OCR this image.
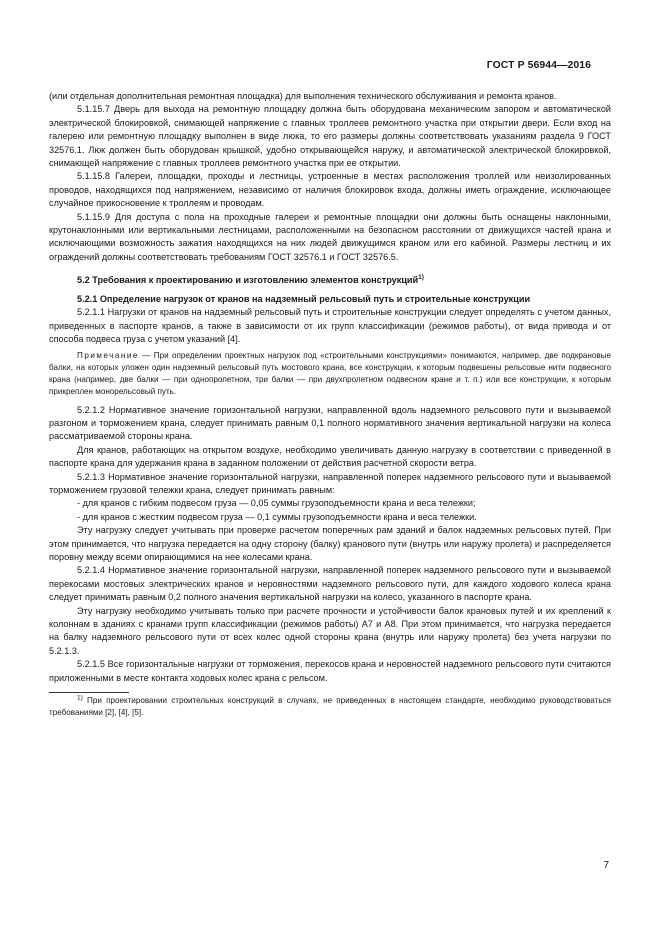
ГОСТ Р 56944—2016

(или отдельная дополнительная ремонтная площадка) для выполнения технического обслуживания и ремонта кранов.

5.1.15.7 Дверь для выхода на ремонтную площадку должна быть оборудована механическим запором и автоматической электрической блокировкой, снимающей напряжение с главных троллеев ремонтного участка при открытии двери. Если вход на галерею или ремонтную площадку выполнен в виде люка, то его размеры должны соответствовать указаниям раздела 9 ГОСТ 32576.1. Люк должен быть оборудован крышкой, удобно открывающейся наружу, и автоматической электрической блокировкой, снимающей напряжение с главных троллеев ремонтного участка при ее открытии.

5.1.15.8 Галереи, площадки, проходы и лестницы, устроенные в местах расположения троллей или неизолированных проводов, находящихся под напряжением, независимо от наличия блокировок входа, должны иметь ограждение, исключающее случайное прикосновение к троллеям и проводам.

5.1.15.9 Для доступа с пола на проходные галереи и ремонтные площадки они должны быть оснащены наклонными, крутонаклонными или вертикальными лестницами, расположенными на безопасном расстоянии от движущихся частей крана и исключающими возможность зажатия находящихся на них людей движущимся краном или его кабиной. Размеры лестниц и их ограждений должны соответствовать требованиям ГОСТ 32576.1 и ГОСТ 32576.5.

5.2 Требования к проектированию и изготовлению элементов конструкций$^{1)}$

5.2.1 Определение нагрузок от кранов на надземный рельсовый путь и строительные конструкции

5.2.1.1 Нагрузки от кранов на надземный рельсовый путь и строительные конструкции следует определять с учетом данных, приведенных в паспорте кранов, а также в зависимости от их групп классификации (режимов работы), от вида привода и от способа подвеса груза с учетом указаний [4].

Примечание — При определении проектных нагрузок под «строительными конструкциями» понимаются, например, две подкрановые балки, на которых уложен один надземный рельсовый путь мостового крана, все конструкции, к которым подвешены рельсовые нити подвесного крана (например, две балки — при однопролетном, три балки — при двухпролетном подвесном кране и т. п.) или все конструкции, к которым прикреплен монорельсовый путь.

5.2.1.2 Нормативное значение горизонтальной нагрузки, направленной вдоль надземного рельсового пути и вызываемой разгоном и торможением крана, следует принимать равным 0,1 полного нормативного значения вертикальной нагрузки на колеса рассматриваемой стороны крана.

Для кранов, работающих на открытом воздухе, необходимо увеличивать данную нагрузку в соответствии с приведенной в паспорте крана для удержания крана в заданном положении от действия расчетной скорости ветра.

5.2.1.3 Нормативное значение горизонтальной нагрузки, направленной поперек надземного рельсового пути и вызываемой торможением грузовой тележки крана, следует принимать равным:

- для кранов с гибким подвесом груза — 0,05 суммы грузоподъемности крана и веса тележки;

- для кранов с жестким подвесом груза — 0,1 суммы грузоподъемности крана и веса тележки.

Эту нагрузку следует учитывать при проверке расчетом поперечных рам зданий и балок надземных рельсовых путей. При этом принимается, что нагрузка передается на одну сторону (балку) кранового пути (внутрь или наружу пролета) и распределяется поровну между всеми опирающимися на нее колесами крана.

5.2.1.4 Нормативное значение горизонтальной нагрузки, направленной поперек надземного рельсового пути и вызываемой перекосами мостовых электрических кранов и неровностями надземного рельсового пути, для каждого ходового колеса крана следует принимать равным 0,2 полного значения вертикальной нагрузки на колесо, указанного в паспорте крана.

Эту нагрузку необходимо учитывать только при расчете прочности и устойчивости балок крановых путей и их креплений к колоннам в зданиях с кранами групп классификации (режимов работы) А7 и А8. При этом принимается, что нагрузка передается на балку надземного рельсового пути от всех колес одной стороны крана (внутрь или наружу пролета) без учета нагрузки по 5.2.1.3.

5.2.1.5 Все горизонтальные нагрузки от торможения, перекосов крана и неровностей надземного рельсового пути считаются приложенными в месте контакта ходовых колес крана с рельсом.

$^{1)}$ При проектировании строительных конструкций в случаях, не приведенных в настоящем стандарте, необходимо руководствоваться требованиями [2], [4], [5].

7
